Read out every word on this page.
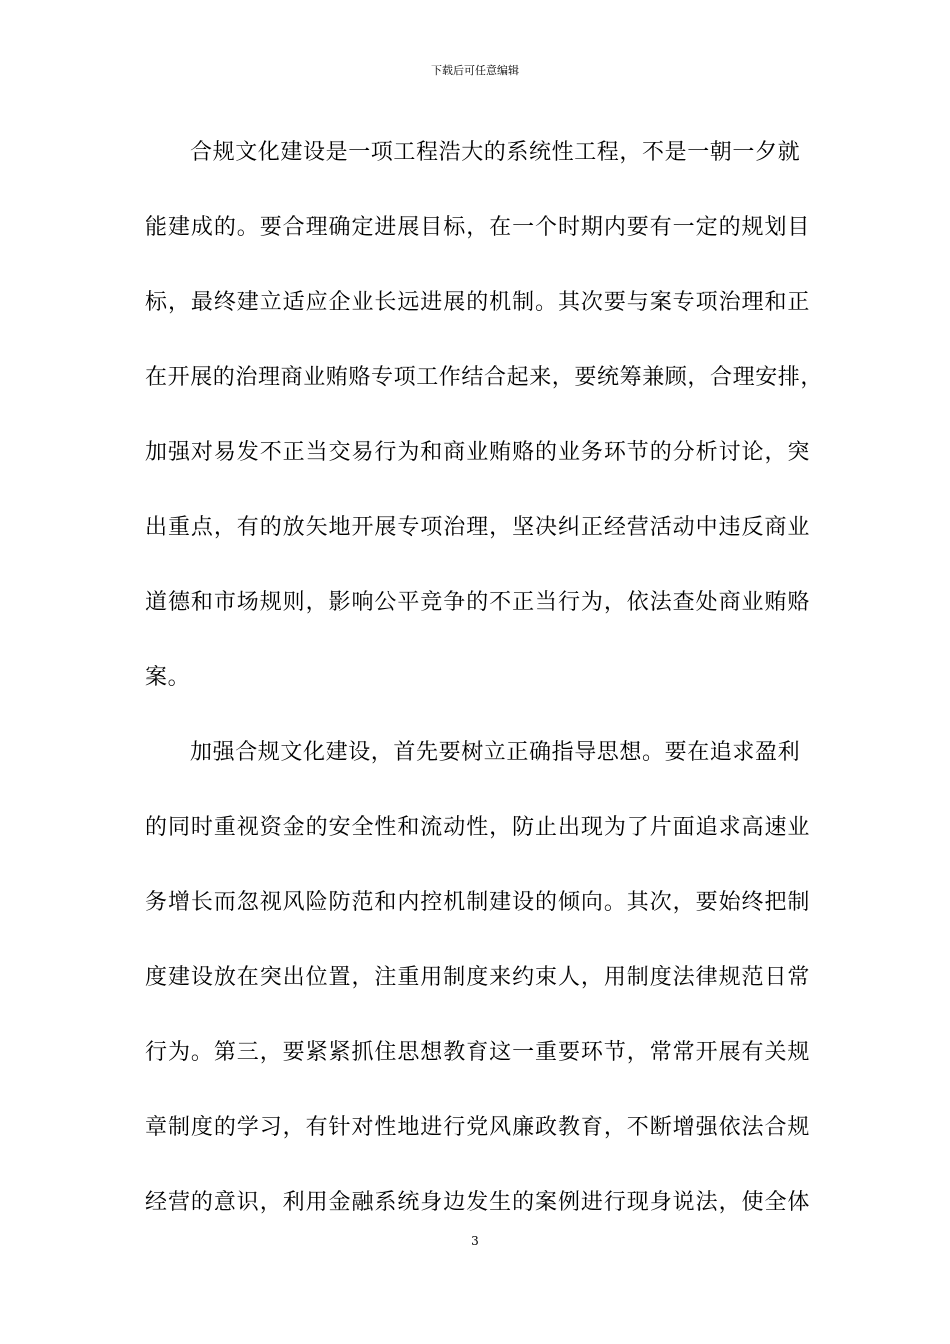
下载后可任意编辑
合规文化建设是一项工程浩大的系统性工程，不是一朝一夕就
能建成的。要合理确定进展目标，在一个时期内要有一定的规划目
标，最终建立适应企业长远进展的机制。其次要与案专项治理和正
在开展的治理商业贿赂专项工作结合起来，要统筹兼顾，合理安排，
加强对易发不正当交易行为和商业贿赂的业务环节的分析讨论，突
出重点，有的放矢地开展专项治理，坚决纠正经营活动中违反商业
道德和市场规则，影响公平竞争的不正当行为，依法查处商业贿赂
案。
加强合规文化建设，首先要树立正确指导思想。要在追求盈利
的同时重视资金的安全性和流动性，防止出现为了片面追求高速业
务增长而忽视风险防范和内控机制建设的倾向。其次，要始终把制
度建设放在突出位置，注重用制度来约束人，用制度法律规范日常
行为。第三，要紧紧抓住思想教育这一重要环节，常常开展有关规
章制度的学习，有针对性地进行党风廉政教育，不断增强依法合规
经营的意识，利用金融系统身边发生的案例进行现身说法，使全体
3
